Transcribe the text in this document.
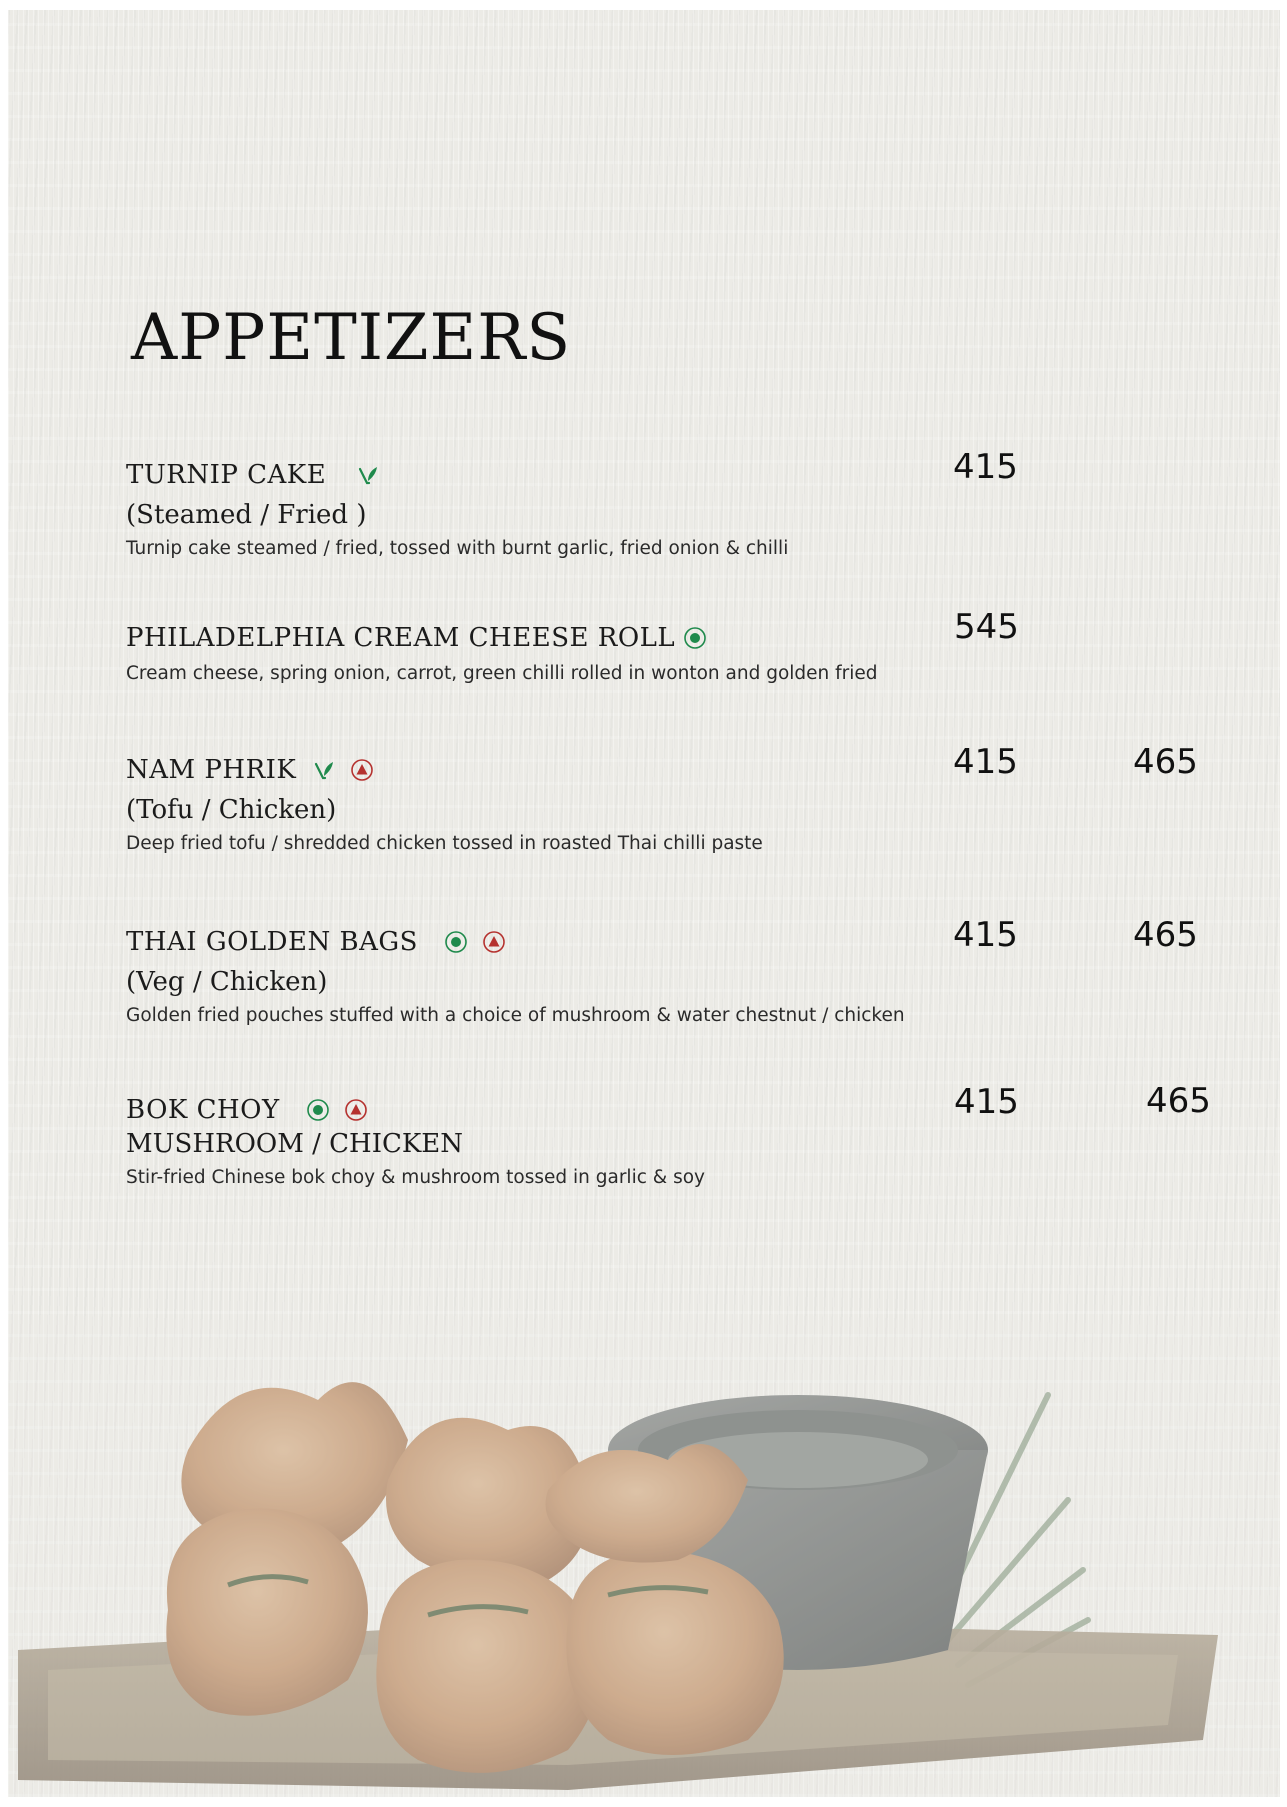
APPETIZERS
TURNIP CAKE
(Steamed / Fried )
Turnip cake steamed / fried, tossed with burnt garlic, fried onion & chilli
415
PHILADELPHIA CREAM CHEESE ROLL
Cream cheese, spring onion, carrot, green chilli rolled in wonton and golden fried
545
NAM PHRIK
(Tofu / Chicken)
Deep fried tofu / shredded chicken tossed in roasted Thai chilli paste
415	465
THAI GOLDEN BAGS
(Veg / Chicken)
Golden fried pouches stuffed with a choice of mushroom & water chestnut / chicken
415	465
BOK CHOY
MUSHROOM / CHICKEN
Stir-fried Chinese bok choy & mushroom tossed in garlic & soy
415	465
